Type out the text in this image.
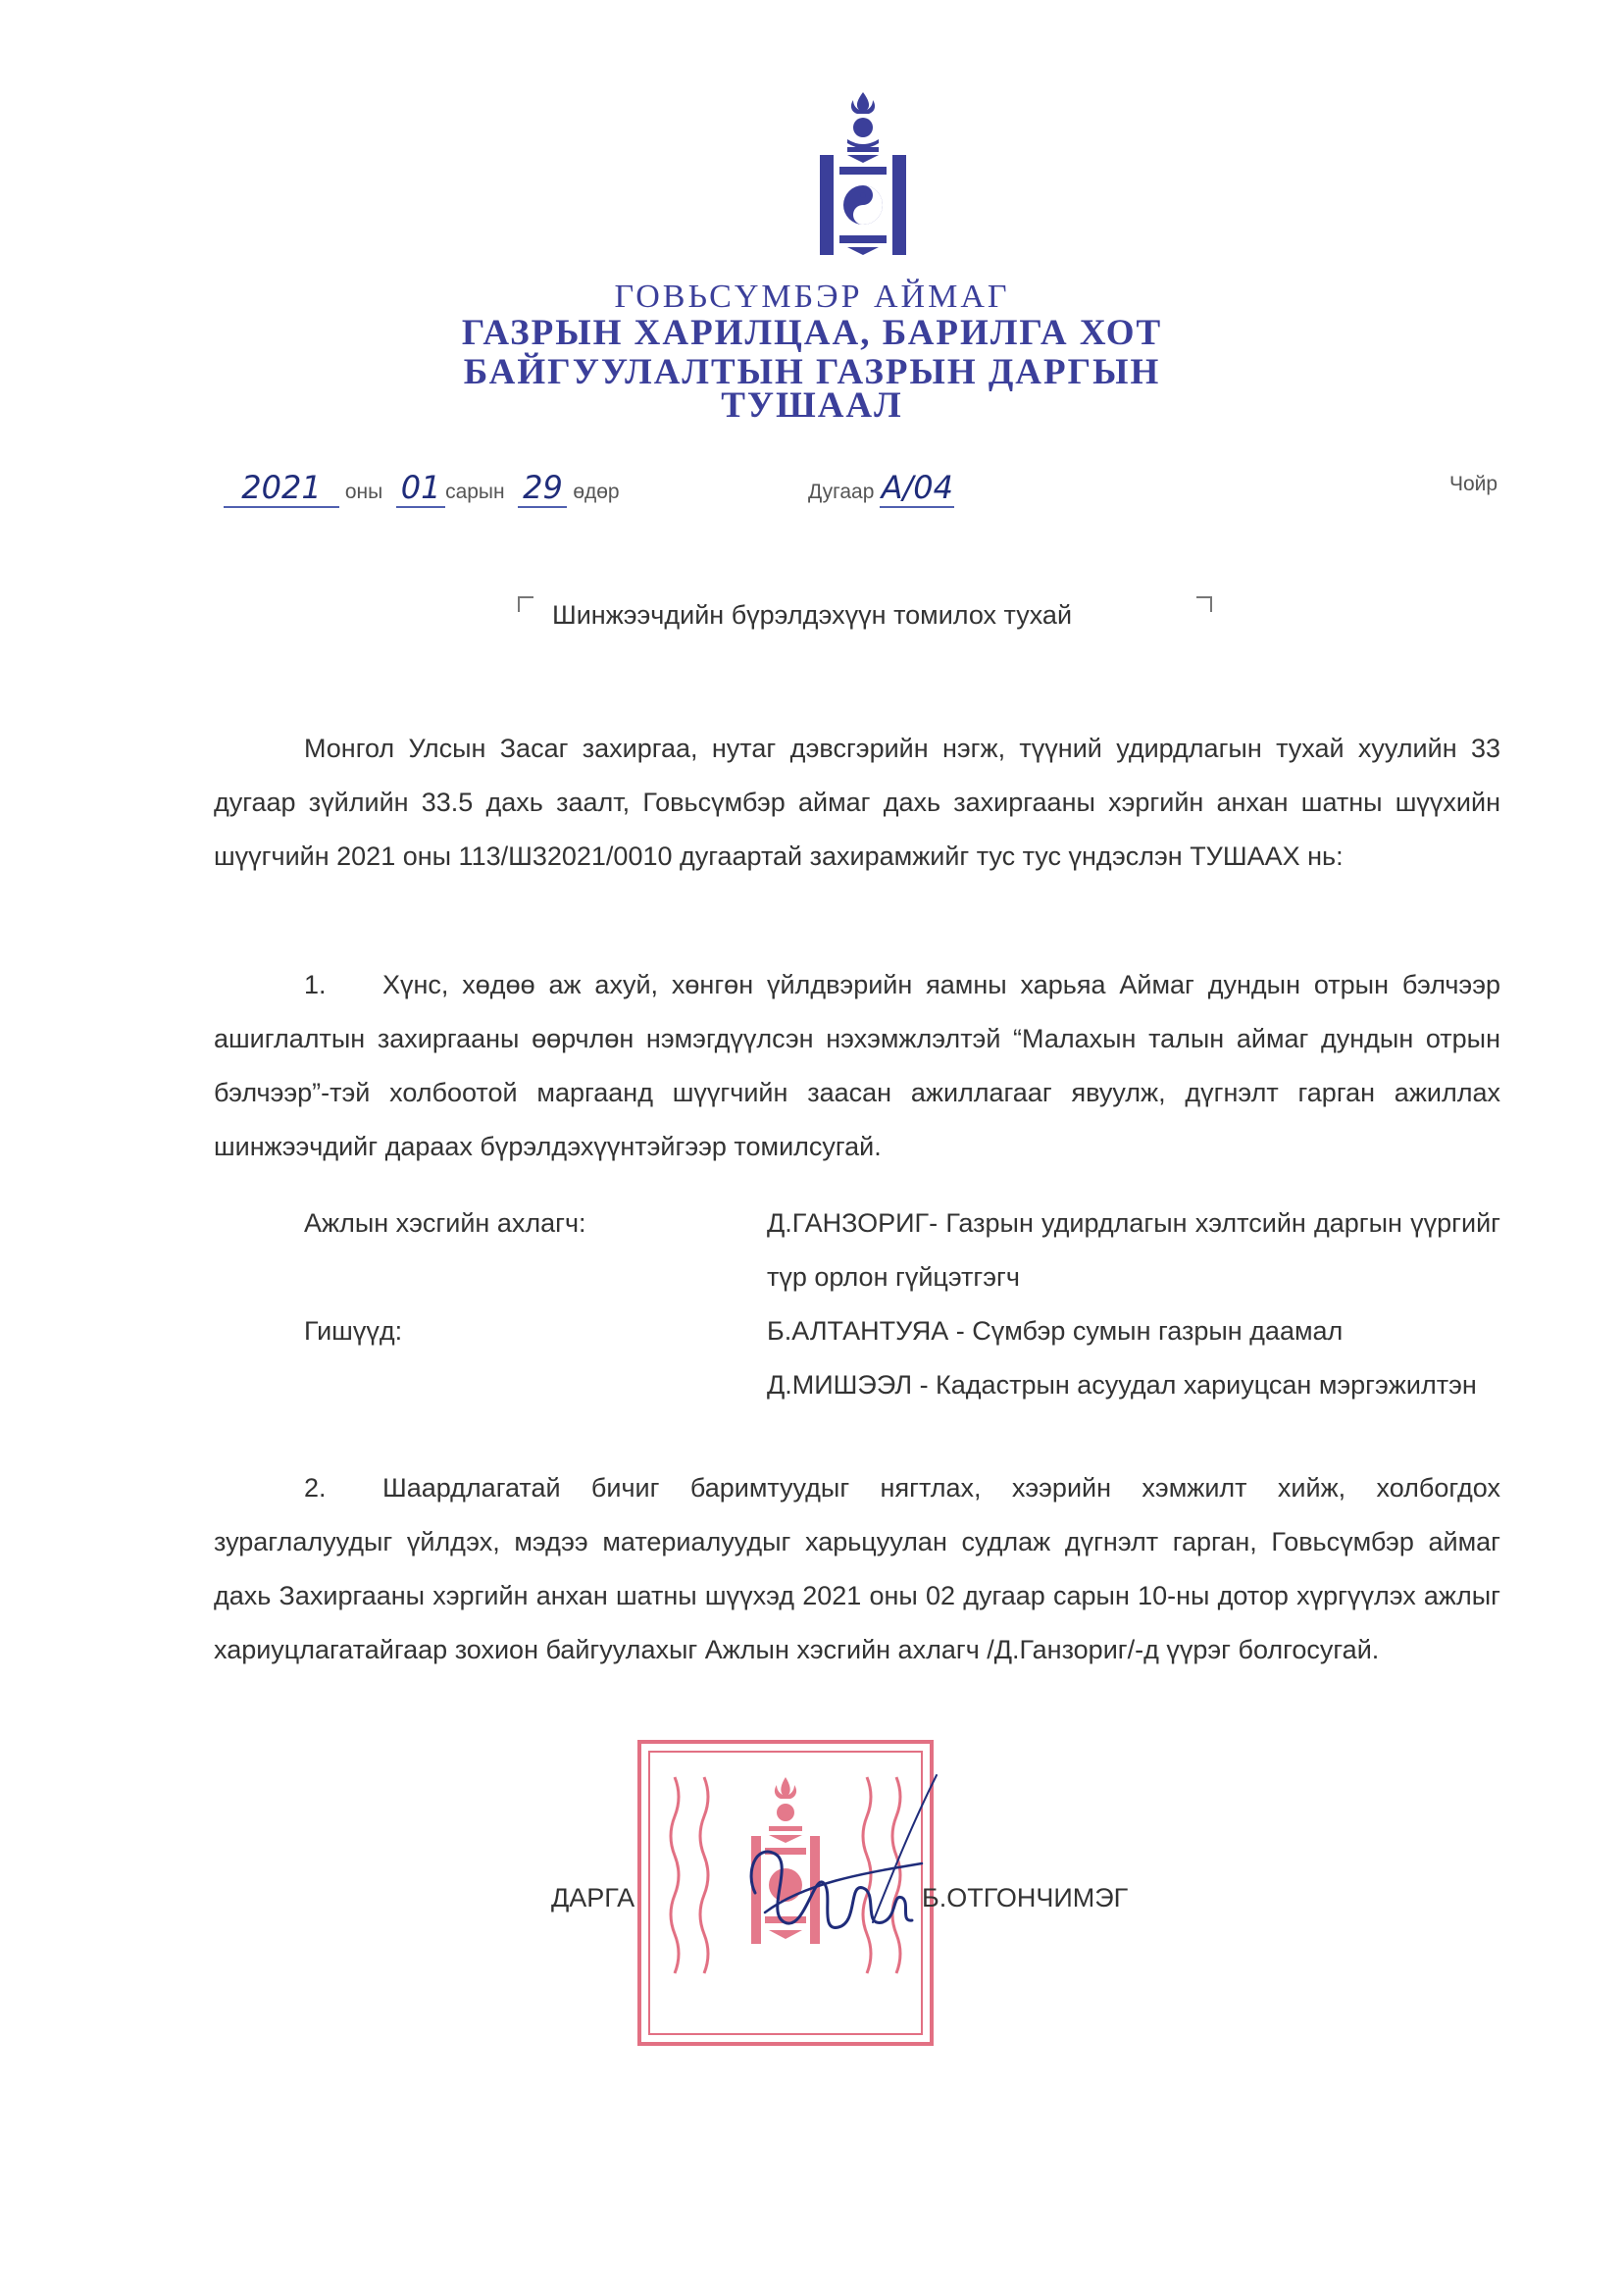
ГОВЬСҮМБЭР АЙМАГ
ГАЗРЫН ХАРИЛЦАА, БАРИЛГА ХОТ
БАЙГУУЛАЛТЫН ГАЗРЫН ДАРГЫН
ТУШААЛ
2021 оны 01 сарын 29 өдөр	Дугаар А/04	Чойр
Шинжээчдийн бүрэлдэхүүн томилох тухай
Монгол Улсын Засаг захиргаа, нутаг дэвсгэрийн нэгж, түүний удирдлагын тухай хуулийн 33 дугаар зүйлийн 33.5 дахь заалт, Говьсүмбэр аймаг дахь захиргааны хэргийн анхан шатны шүүхийн шүүгчийн 2021 оны 113/Ш32021/0010 дугаартай захирамжийг тус тус үндэслэн ТУШААХ нь:
1. Хүнс, хөдөө аж ахуй, хөнгөн үйлдвэрийн яамны харьяа Аймаг дундын отрын бэлчээр ашиглалтын захиргааны өөрчлөн нэмэгдүүлсэн нэхэмжлэлтэй “Малахын талын аймаг дундын отрын бэлчээр”-тэй холбоотой маргаанд шүүгчийн заасан ажиллагааг явуулж, дүгнэлт гарган ажиллах шинжээчдийг дараах бүрэлдэхүүнтэйгээр томилсугай.
Ажлын хэсгийн ахлагч:	Д.ГАНЗОРИГ- Газрын удирдлагын хэлтсийн даргын үүргийг түр орлон гүйцэтгэгч
Гишүүд:	Б.АЛТАНТУЯА - Сүмбэр сумын газрын даамал
Д.МИШЭЭЛ - Кадастрын асуудал хариуцсан мэргэжилтэн
2. Шаардлагатай бичиг баримтуудыг нягтлах, хээрийн хэмжилт хийж, холбогдох зураглалуудыг үйлдэх, мэдээ материалуудыг харьцуулан судлаж дүгнэлт гарган, Говьсүмбэр аймаг дахь Захиргааны хэргийн анхан шатны шүүхэд 2021 оны 02 дугаар сарын 10-ны дотор хүргүүлэх ажлыг хариуцлагатайгаар зохион байгуулахыг Ажлын хэсгийн ахлагч /Д.Ганзориг/-д үүрэг болгосугай.
ДАРГА	Б.ОТГОНЧИМЭГ
